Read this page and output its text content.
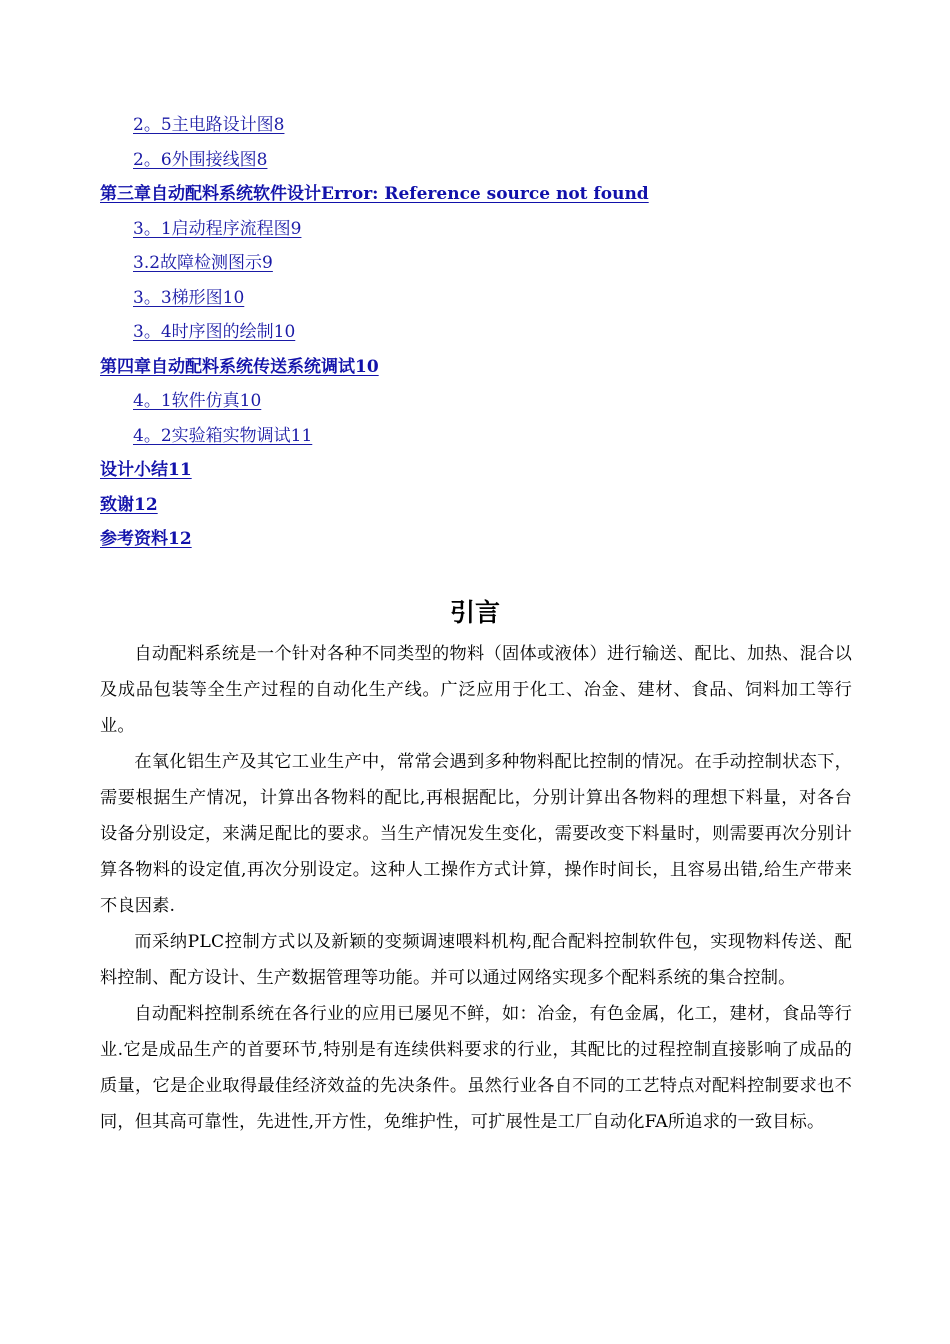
2。5主电路设计图8
2。6外围接线图8
第三章自动配料系统软件设计Error: Reference source not found
3。1启动程序流程图9
3.2故障检测图示9
3。3梯形图10
3。4时序图的绘制10
第四章自动配料系统传送系统调试10
4。1软件仿真10
4。2实验箱实物调试11
设计小结11
致谢12
参考资料12
引言

自动配料系统是一个针对各种不同类型的物料（固体或液体）进行输送、配比、加热、混合以及成品包装等全生产过程的自动化生产线。广泛应用于化工、冶金、建材、食品、饲料加工等行业。

在氧化铝生产及其它工业生产中，常常会遇到多种物料配比控制的情况。在手动控制状态下，需要根据生产情况，计算出各物料的配比,再根据配比，分别计算出各物料的理想下料量，对各台设备分别设定，来满足配比的要求。当生产情况发生变化，需要改变下料量时，则需要再次分别计算各物料的设定值,再次分别设定。这种人工操作方式计算，操作时间长，且容易出错,给生产带来不良因素.

而采纳PLC控制方式以及新颖的变频调速喂料机构,配合配料控制软件包，实现物料传送、配料控制、配方设计、生产数据管理等功能。并可以通过网络实现多个配料系统的集合控制。

自动配料控制系统在各行业的应用已屡见不鲜，如：冶金，有色金属，化工，建材，食品等行业.它是成品生产的首要环节,特别是有连续供料要求的行业，其配比的过程控制直接影响了成品的质量，它是企业取得最佳经济效益的先决条件。虽然行业各自不同的工艺特点对配料控制要求也不同，但其高可靠性，先进性,开方性，免维护性，可扩展性是工厂自动化FA所追求的一致目标。
